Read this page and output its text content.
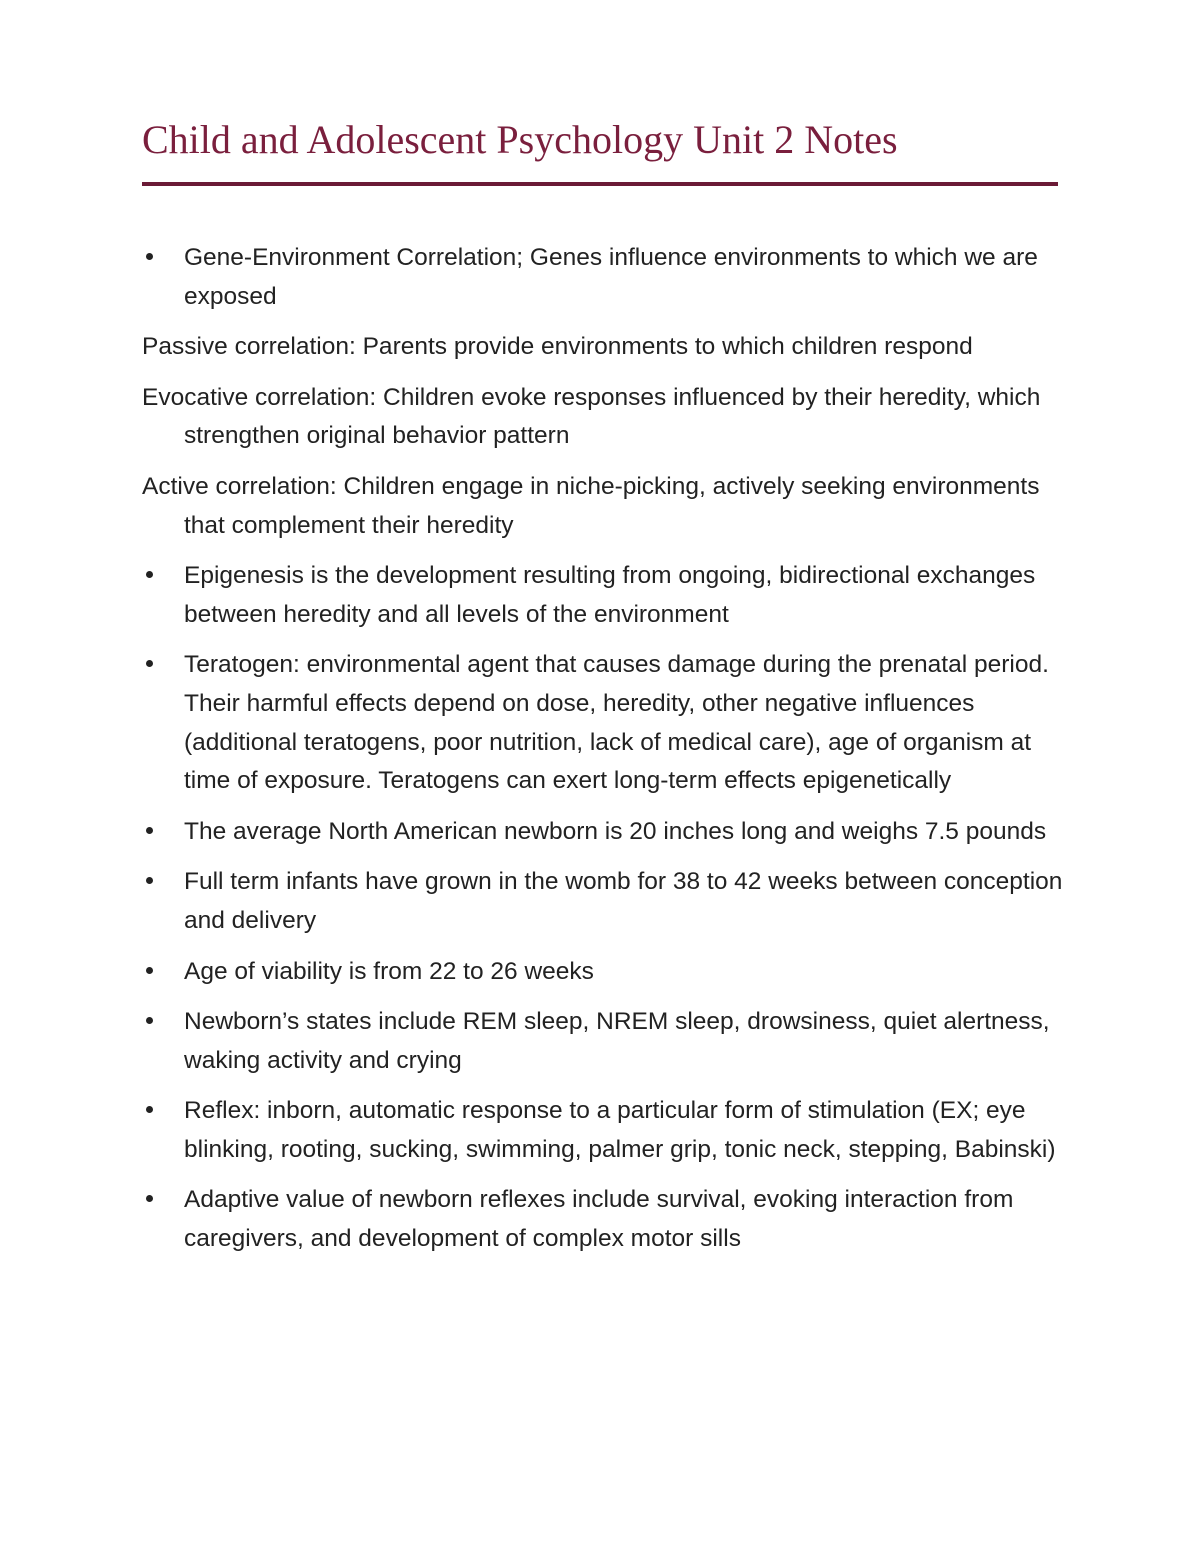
Child and Adolescent Psychology Unit 2 Notes
Gene-Environment Correlation; Genes influence environments to which we are exposed
Passive correlation: Parents provide environments to which children respond
Evocative correlation: Children evoke responses influenced by their heredity, which strengthen original behavior pattern
Active correlation: Children engage in niche-picking, actively seeking environments that complement their heredity
Epigenesis is the development resulting from ongoing, bidirectional exchanges between heredity and all levels of the environment
Teratogen: environmental agent that causes damage during the prenatal period. Their harmful effects depend on dose, heredity, other negative influences (additional teratogens, poor nutrition, lack of medical care), age of organism at time of exposure. Teratogens can exert long-term effects epigenetically
The average North American newborn is 20 inches long and weighs 7.5 pounds
Full term infants have grown in the womb for 38 to 42 weeks between conception and delivery
Age of viability is from 22 to 26 weeks
Newborn’s states include REM sleep, NREM sleep, drowsiness, quiet alertness, waking activity and crying
Reflex: inborn, automatic response to a particular form of stimulation (EX; eye blinking, rooting, sucking, swimming, palmer grip, tonic neck, stepping, Babinski)
Adaptive value of newborn reflexes include survival, evoking interaction from caregivers, and development of complex motor sills
